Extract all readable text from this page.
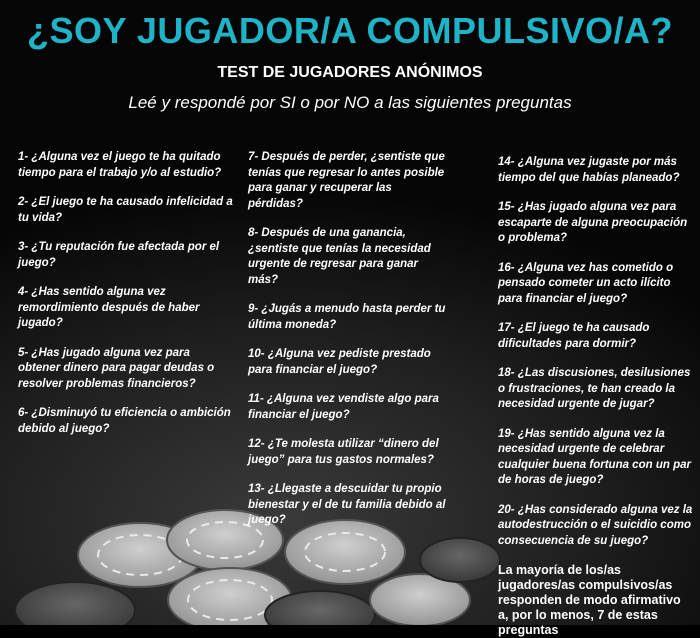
¿SOY JUGADOR/A COMPULSIVO/A?
TEST DE JUGADORES ANÓNIMOS
Leé y respondé por SI o por NO a las siguientes preguntas
1- ¿Alguna vez el juego te ha quitado tiempo para el trabajo y/o al estudio?
2- ¿El juego te ha causado infelicidad a tu vida?
3- ¿Tu reputación fue afectada por el juego?
4- ¿Has sentido alguna vez remordimiento después de haber jugado?
5- ¿Has jugado alguna vez para obtener dinero para pagar deudas o resolver problemas financieros?
6- ¿Disminuyó tu eficiencia o ambición debido al juego?
7- Después de perder, ¿sentiste que tenías que regresar lo antes posible para ganar y recuperar las pérdidas?
8- Después de una ganancia, ¿sentiste que tenías la necesidad urgente de regresar para ganar más?
9- ¿Jugás a menudo hasta perder tu última moneda?
10- ¿Alguna vez pediste prestado para financiar el juego?
11- ¿Alguna vez vendiste algo para financiar el juego?
12- ¿Te molesta utilizar “dinero del juego” para tus gastos normales?
13- ¿Llegaste a descuidar tu propio bienestar y el de tu familia debido al juego?
14- ¿Alguna vez jugaste por más tiempo del que habías planeado?
15- ¿Has jugado alguna vez para escaparte de alguna preocupación o problema?
16- ¿Alguna vez has cometido o pensado cometer un acto ilícito para financiar el juego?
17- ¿El juego te ha causado dificultades para dormir?
18- ¿Las discusiones, desilusiones o frustraciones, te han creado la necesidad urgente de jugar?
19- ¿Has sentido alguna vez la necesidad urgente de celebrar cualquier buena fortuna con un par de horas de juego?
20- ¿Has considerado alguna vez la autodestrucción o el suicidio como consecuencia de su juego?
La mayoría de los/as jugadores/as compulsivos/as responden de modo afirmativo a, por lo menos, 7 de estas preguntas
